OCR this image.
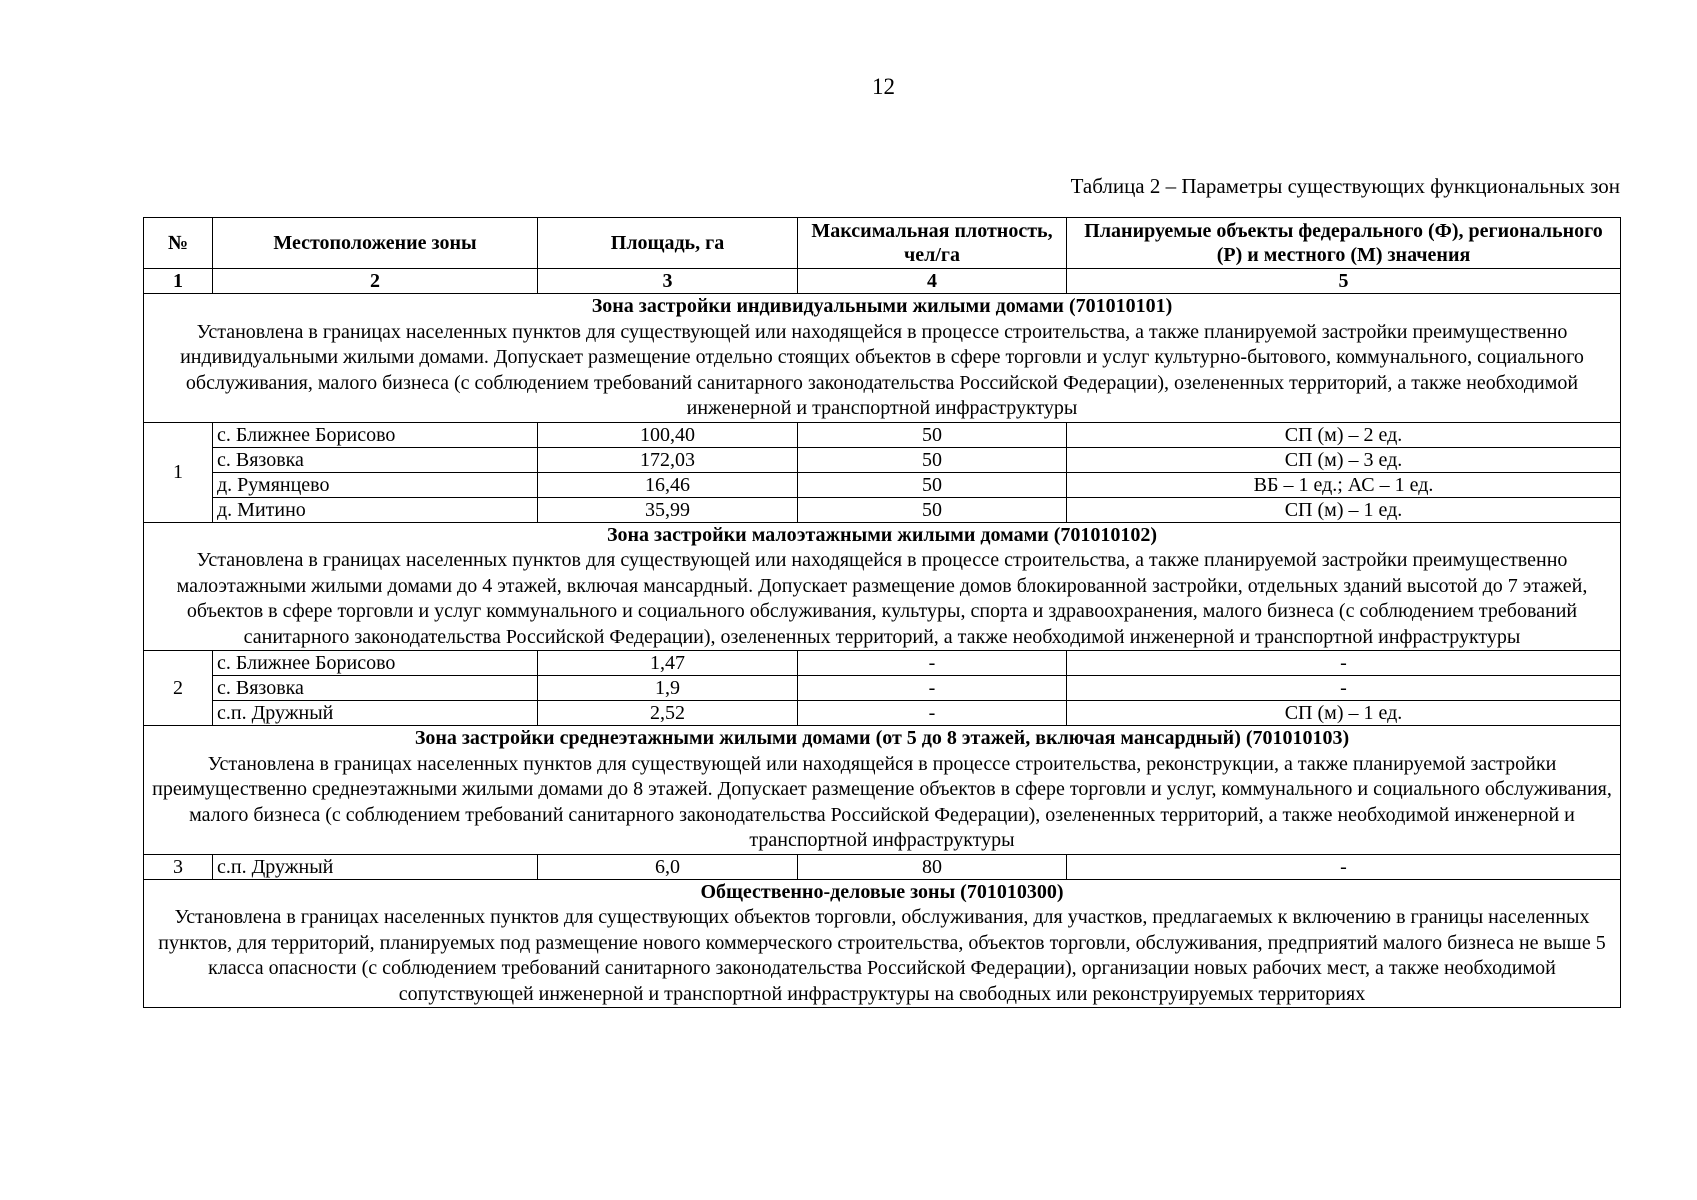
12
Таблица 2 – Параметры существующих функциональных зон
№	Местоположение зоны	Площадь, га	Максимальная плотность, чел/га	Планируемые объекты федерального (Ф), регионального (Р) и местного (М) значения
1	2	3	4	5

Зона застройки индивидуальными жилыми домами (701010101)
Установлена в границах населенных пунктов для существующей или находящейся в процессе строительства, а также планируемой застройки преимущественно индивидуальными жилыми домами. Допускает размещение отдельно стоящих объектов в сфере торговли и услуг культурно-бытового, коммунального, социального обслуживания, малого бизнеса (с соблюдением требований санитарного законодательства Российской Федерации), озелененных территорий, а также необходимой инженерной и транспортной инфраструктуры				

1	с. Ближнее Борисово	100,40	50	СП (м) – 2 ед.
	с. Вязовка	172,03	50	СП (м) – 3 ед.
	д. Румянцево	16,46	50	ВБ – 1 ед.; АС – 1 ед.
	д. Митино	35,99	50	СП (м) – 1 ед.

Зона застройки малоэтажными жилыми домами (701010102)
Установлена в границах населенных пунктов для существующей или находящейся в процессе строительства, а также планируемой застройки преимущественно малоэтажными жилыми домами до 4 этажей, включая мансардный. Допускает размещение домов блокированной застройки, отдельных зданий высотой до 7 этажей, объектов в сфере торговли и услуг коммунального и социального обслуживания, культуры, спорта и здравоохранения, малого бизнеса (с соблюдением требований санитарного законодательства Российской Федерации), озелененных территорий, а также необходимой инженерной и транспортной инфраструктуры				

2	с. Ближнее Борисово	1,47	-	-
	с. Вязовка	1,9	-	-
	с.п. Дружный	2,52	-	СП (м) – 1 ед.

Зона застройки среднеэтажными жилыми домами (от 5 до 8 этажей, включая мансардный) (701010103)
Установлена в границах населенных пунктов для существующей или находящейся в процессе строительства, реконструкции, а также планируемой застройки преимущественно среднеэтажными жилыми домами до 8 этажей. Допускает размещение объектов в сфере торговли и услуг, коммунального и социального обслуживания, малого бизнеса (с соблюдением требований санитарного законодательства Российской Федерации), озелененных территорий, а также необходимой инженерной и транспортной инфраструктуры				

3	с.п. Дружный	6,0	80	-

Общественно-деловые зоны (701010300)
Установлена в границах населенных пунктов для существующих объектов торговли, обслуживания, для участков, предлагаемых к включению в границы населенных пунктов, для территорий, планируемых под размещение нового коммерческого строительства, объектов торговли, обслуживания, предприятий малого бизнеса не выше 5 класса опасности (с соблюдением требований санитарного законодательства Российской Федерации), организации новых рабочих мест, а также необходимой сопутствующей инженерной и транспортной инфраструктуры на свободных или реконструируемых территориях				
